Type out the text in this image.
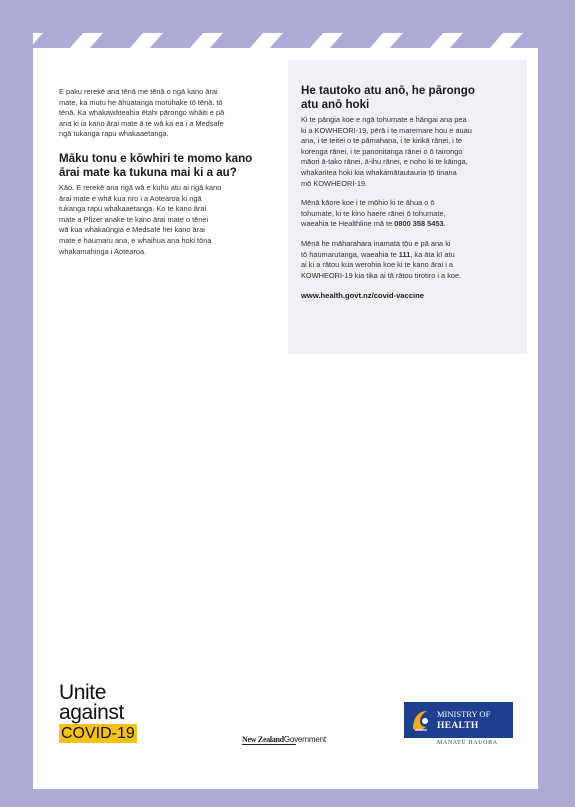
E paku rerekē ana tēnā me tēnā o ngā kano ārai
mate, ka mutu he āhuatanga motuhake tō tēnā, tō
tēnā. Ka whakawāteahia ētahi pārongo whāiti e pā
ana ki ia kano ārai mate ā te wā ka ea i a Medsafe
ngā tukanga rapu whakaaetanga.

Māku tonu e kōwhiri te momo kano
ārai mate ka tukuna mai ki a au?

Kāo. E rerekē ana ngā wā e kuhu atu ai ngā kano
ārai mate e whā kua riro i a Aotearoa ki ngā
tukanga rapu whakaaetanga. Ko te kano ārai
mate a Pfizer anake te kano ārai mate o tēnei
wā kua whakaūngia e Medsafe hei kano ārai
mate e haumaru ana, e whaihua ana hoki tōna
whakamahinga i Aotearoa.

He tautoko atu anō, he pārongo
atu anō hoki

Ki te pāngia koe e ngā tohumate e hāngai ana pea
ki a KOWHEORI-19, pērā i te maremare hou e auau
ana, i te teitei o te pāmahana, i te kirikā rānei, i te
korenga rānei, i te panonitanga rānei o ō tairongo
māori ā-tako rānei, ā-ihu rānei, e noho ki te kāinga,
whakaritea hoki kia whakamātautauria tō tinana
mō KOWHEORI-19.

Mēnā kāore koe i te mōhio ki te āhua o ō
tohumate, ki te kino haere rānei ō tohumate,
waeahia te Healthline mā te 0800 358 5453.

Mēnā he māharahara inamata tōu e pā ana ki
tō haumarutanga, waeahia te 111, ka āta kī atu
ai ki a rātou kua werohia koe ki te kano ārai i a
KOWHEORI-19 kia tika ai tā rātou tirotiro i a koe.

www.health.govt.nz/covid-vaccine

Unite
against
COVID-19	New ZealandGovernment
MINISTRY OF
HEALTH
MANATŪ HAUORA
